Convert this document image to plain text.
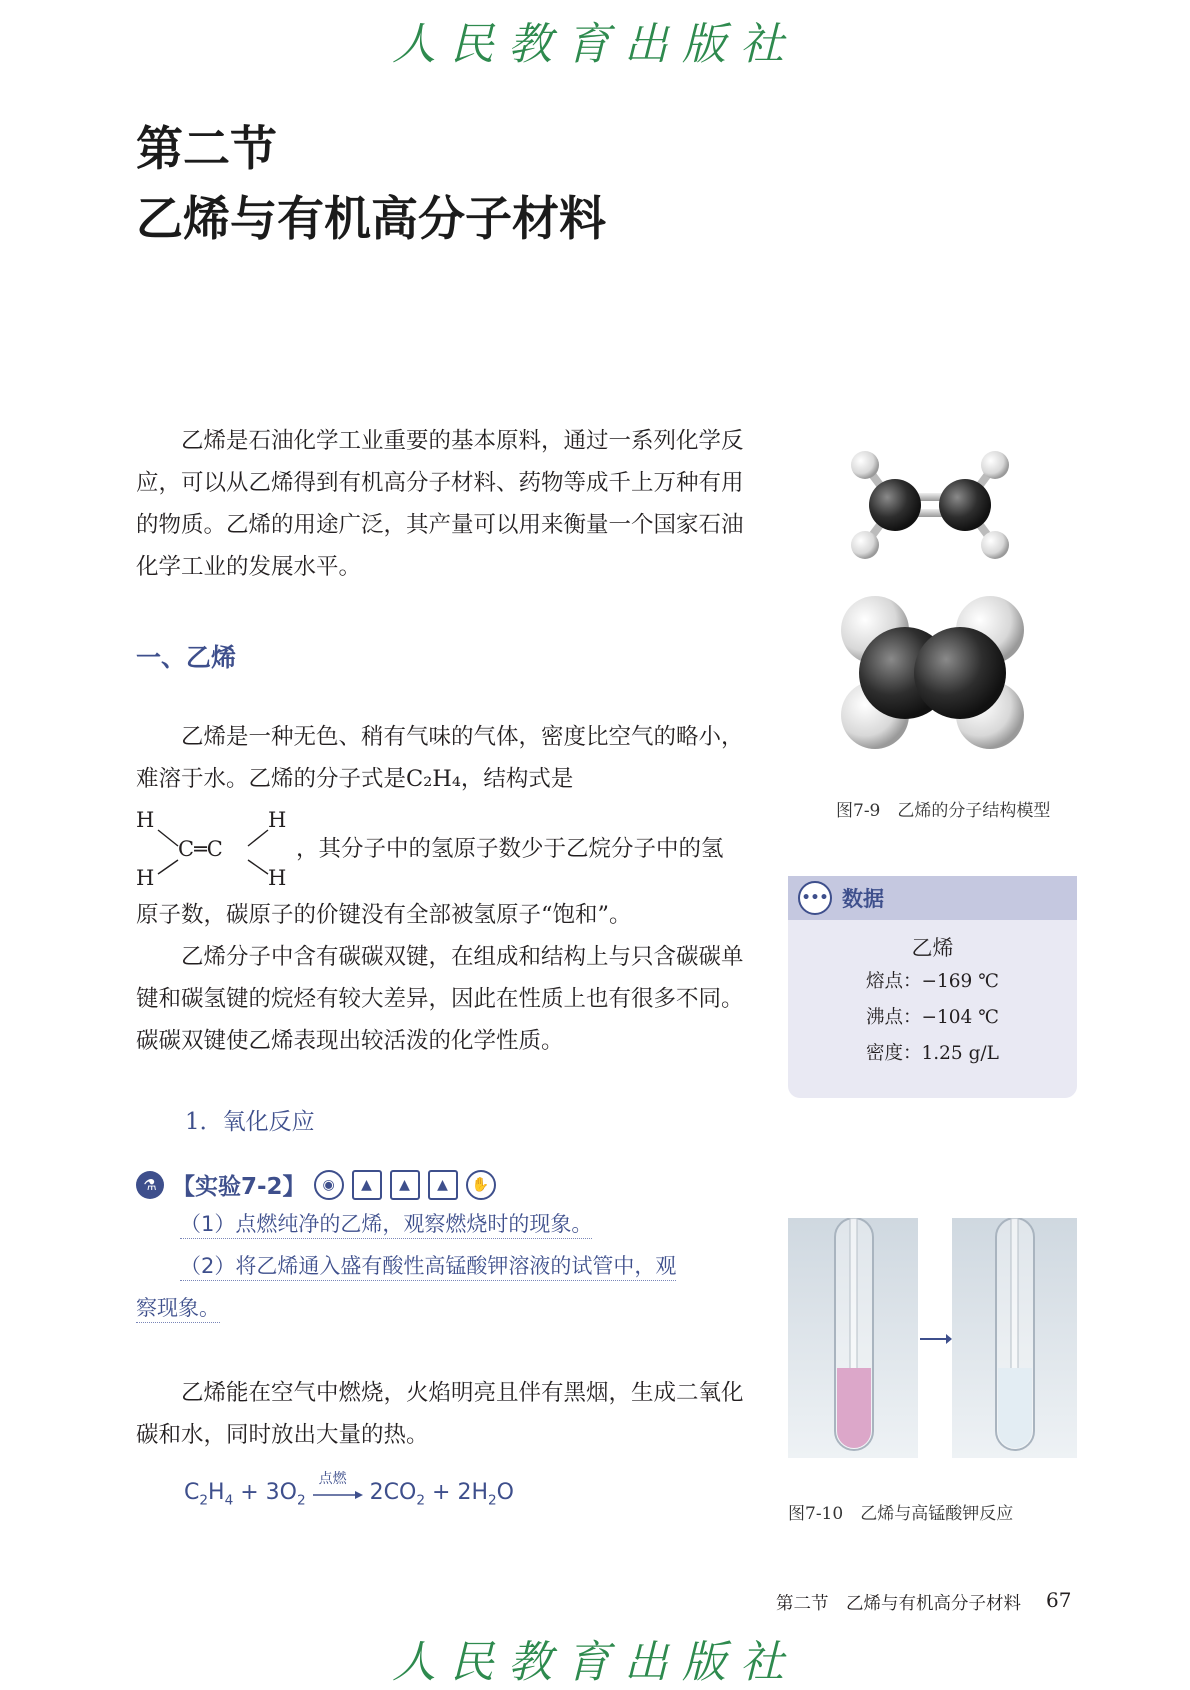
人民教育出版社
第二节
乙烯与有机高分子材料

乙烯是石油化学工业重要的基本原料，通过一系列化学反应，可以从乙烯得到有机高分子材料、药物等成千上万种有用的物质。乙烯的用途广泛，其产量可以用来衡量一个国家石油化学工业的发展水平。

图7-9　乙烯的分子结构模型
一、乙烯

乙烯是一种无色、稍有气味的气体，密度比空气的略小，难溶于水。乙烯的分子式是C₂H₄，结构式是

H	H
H	H
C═C	，其分子中的氢原子数少于乙烷分子中的氢
原子数，碳原子的价键没有全部被氢原子“饱和”。

乙烯分子中含有碳碳双键，在组成和结构上与只含碳碳单键和碳氢键的烷烃有较大差异，因此在性质上也有很多不同。碳碳双键使乙烯表现出较活泼的化学性质。

••• 数据
乙烯
熔点：−169 ℃
沸点：−104 ℃
密度：1.25 g/L
1．氧化反应
⚗ 【实验7-2】	◉	▲	▲	▲	✋
（1）点燃纯净的乙烯，观察燃烧时的现象。
（2）将乙烯通入盛有酸性高锰酸钾溶液的试管中，观
察现象。
图7-10　乙烯与高锰酸钾反应

乙烯能在空气中燃烧，火焰明亮且伴有黑烟，生成二氧化碳和水，同时放出大量的热。

$C_2H_4 + 3O_2$
点燃
$2CO_2 + 2H_2O$
第二节　乙烯与有机高分子材料 67
人民教育出版社
